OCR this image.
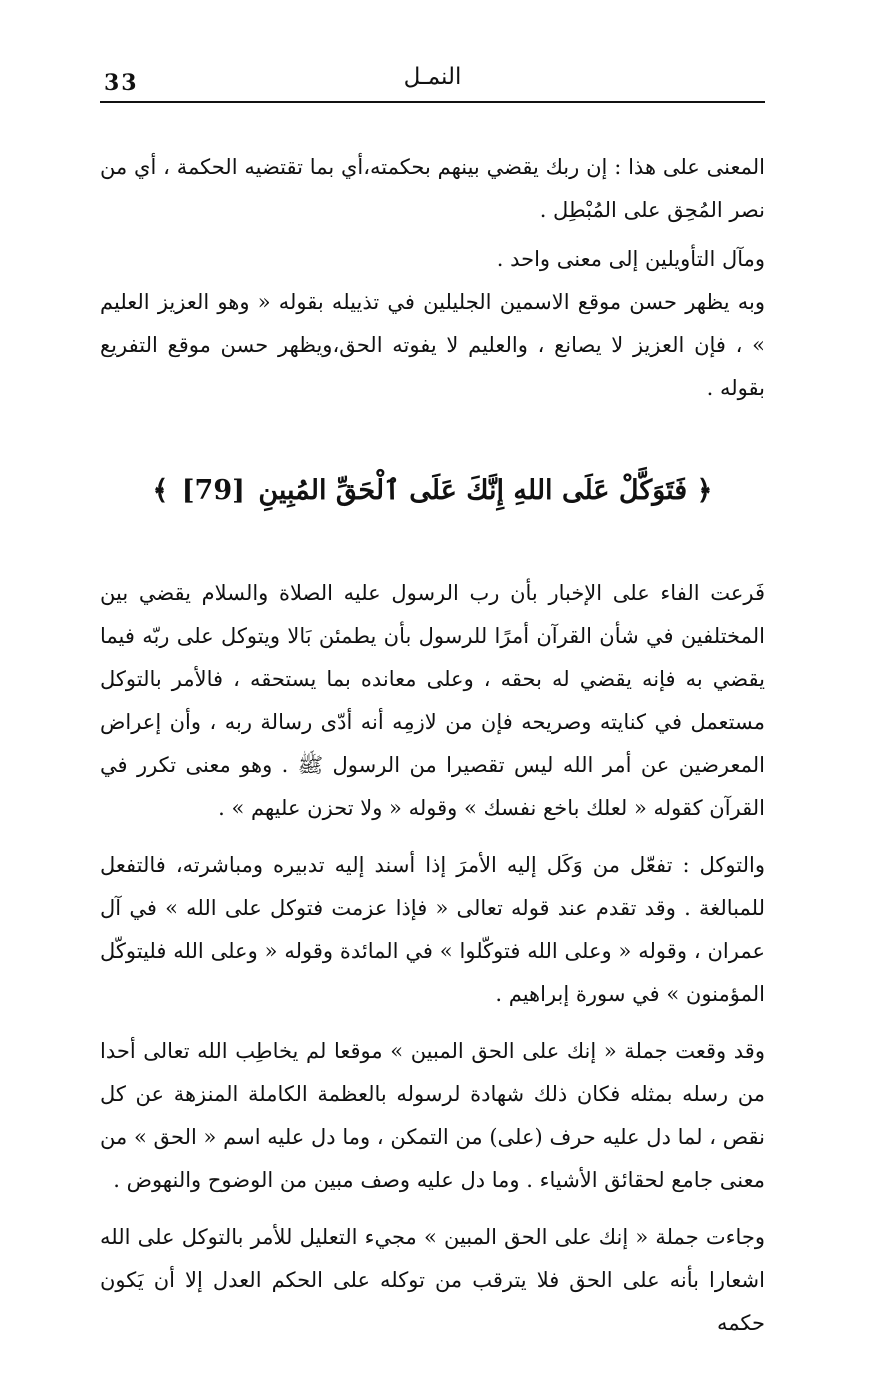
33	النمـل

المعنى على هذا : إن ربك يقضي بينهم بحكمته،أي بما تقتضيه الحكمة ، أي من نصر المُحِق على المُبْطِل .

ومآل التأويلين إلى معنى واحد .

وبه يظهر حسن موقع الاسمين الجليلين في تذييله بقوله « وهو العزيز العليم » ، فإن العزيز لا يصانع ، والعليم لا يفوته الحق،ويظهر حسن موقع التفريع بقوله .

﴿ فَتَوَكَّلْ عَلَى اللهِ إِنَّكَ عَلَى ٱلْحَقِّ المُبِينِ [79] ﴾

فَرعت الفاء على الإخبار بأن رب الرسول عليه الصلاة والسلام يقضي بين المختلفين في شأن القرآن أمرًا للرسول بأن يطمئن بَالا ويتوكل على ربّه فيما يقضي به فإنه يقضي له بحقه ، وعلى معانده بما يستحقه ، فالأمر بالتوكل مستعمل في كنايته وصريحه فإن من لازمِه أنه أدّى رسالة ربه ، وأن إعراض المعرضين عن أمر الله ليس تقصيرا من الرسول ﷺ . وهو معنى تكرر في القرآن كقوله « لعلك باخع نفسك » وقوله « ولا تحزن عليهم » .

والتوكل : تفعّل من وَكَل إليه الأمرَ إذا أسند إليه تدبيره ومباشرته، فالتفعل للمبالغة . وقد تقدم عند قوله تعالى « فإذا عزمت فتوكل على الله » في آل عمران ، وقوله « وعلى الله فتوكّلوا » في المائدة وقوله « وعلى الله فليتوكّل المؤمنون » في سورة إبراهيم .

وقد وقعت جملة « إنك على الحق المبين » موقعا لم يخاطِب الله تعالى أحدا من رسله بمثله فكان ذلك شهادة لرسوله بالعظمة الكاملة المنزهة عن كل نقص ، لما دل عليه حرف (على) من التمكن ، وما دل عليه اسم « الحق » من معنى جامع لحقائق الأشياء . وما دل عليه وصف مبين من الوضوح والنهوض .

وجاءت جملة « إنك على الحق المبين » مجيء التعليل للأمر بالتوكل على الله اشعارا بأنه على الحق فلا يترقب من توكله على الحكم العدل إلا أن يَكون حكمه
